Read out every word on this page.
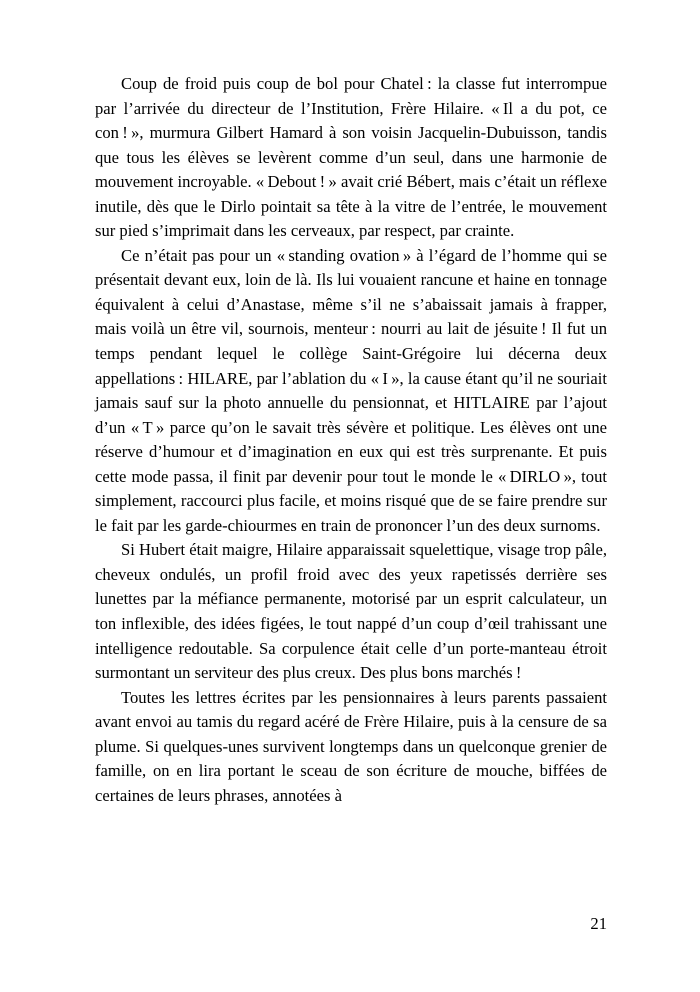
Coup de froid puis coup de bol pour Chatel : la classe fut interrompue par l’arrivée du directeur de l’Institution, Frère Hilaire. « Il a du pot, ce con ! », murmura Gilbert Hamard à son voisin Jacquelin-Dubuisson, tandis que tous les élèves se levèrent comme d’un seul, dans une harmonie de mouvement incroyable. « Debout ! » avait crié Bébert, mais c’était un réflexe inutile, dès que le Dirlo pointait sa tête à la vitre de l’entrée, le mouvement sur pied s’imprimait dans les cerveaux, par respect, par crainte.

Ce n’était pas pour un « standing ovation » à l’égard de l’homme qui se présentait devant eux, loin de là. Ils lui vouaient rancune et haine en tonnage équivalent à celui d’Anastase, même s’il ne s’abaissait jamais à frapper, mais voilà un être vil, sournois, menteur : nourri au lait de jésuite ! Il fut un temps pendant lequel le collège Saint-Grégoire lui décerna deux appellations : HILARE, par l’ablation du « I », la cause étant qu’il ne souriait jamais sauf sur la photo annuelle du pensionnat, et HITLAIRE par l’ajout d’un « T » parce qu’on le savait très sévère et politique. Les élèves ont une réserve d’humour et d’imagination en eux qui est très surprenante. Et puis cette mode passa, il finit par devenir pour tout le monde le « DIRLO », tout simplement, raccourci plus facile, et moins risqué que de se faire prendre sur le fait par les garde-chiourmes en train de prononcer l’un des deux surnoms.

Si Hubert était maigre, Hilaire apparaissait squelettique, visage trop pâle, cheveux ondulés, un profil froid avec des yeux rapetissés derrière ses lunettes par la méfiance permanente, motorisé par un esprit calculateur, un ton inflexible, des idées figées, le tout nappé d’un coup d’œil trahissant une intelligence redoutable. Sa corpulence était celle d’un porte-manteau étroit surmontant un serviteur des plus creux. Des plus bons marchés !

Toutes les lettres écrites par les pensionnaires à leurs parents passaient avant envoi au tamis du regard acéré de Frère Hilaire, puis à la censure de sa plume. Si quelques-unes survivent longtemps dans un quelconque grenier de famille, on en lira portant le sceau de son écriture de mouche, biffées de certaines de leurs phrases, annotées à

21
